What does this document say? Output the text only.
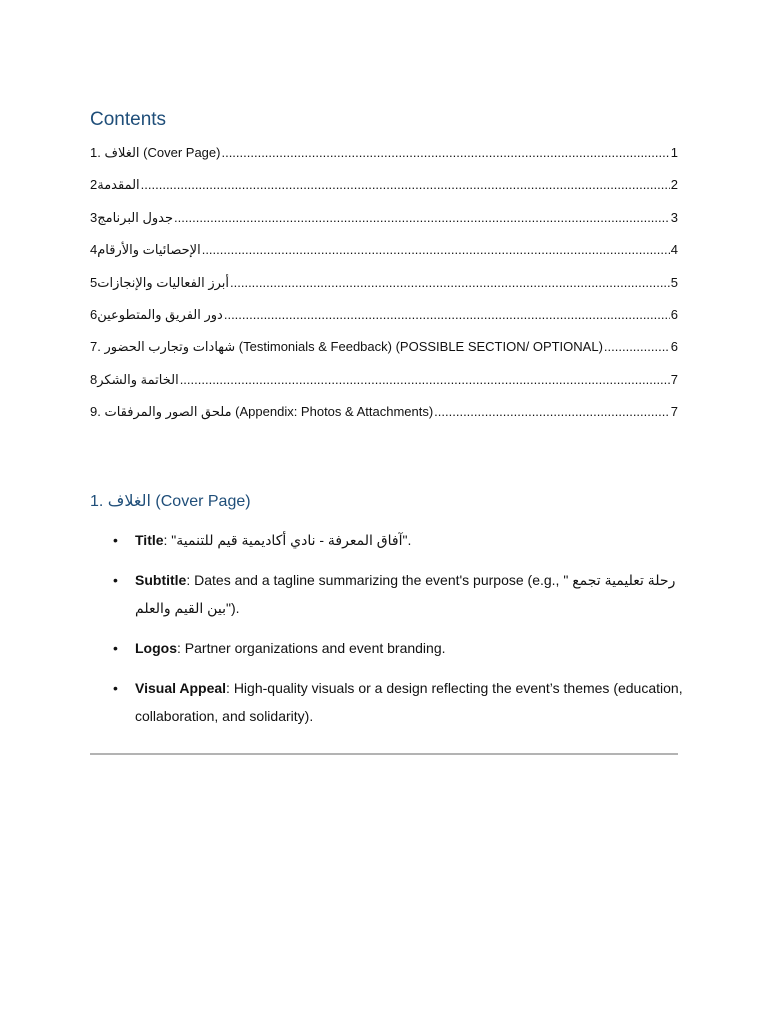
Contents
1. الغلاف (Cover Page) .....	1
2المقدمة .....	2
3جدول البرنامج .....	3
4الإحصائيات والأرقام .....	4
5أبرز الفعاليات والإنجازات .....	5
6دور الفريق والمتطوعين .....	6
7. شهادات وتجارب الحضور (Testimonials & Feedback) (POSSIBLE SECTION/ OPTIONAL) .....	6
8الخاتمة والشكر .....	7
9. ملحق الصور والمرفقات (Appendix: Photos & Attachments) .....	7
1. الغلاف (Cover Page)
• Title: "آفاق المعرفة - نادي أكاديمية قيم للتنمية".
• Subtitle: Dates and a tagline summarizing the event's purpose (e.g., " رحلة تعليمية تجمع بين القيم والعلم").
• Logos: Partner organizations and event branding.
• Visual Appeal: High-quality visuals or a design reflecting the event’s themes (education, collaboration, and solidarity).
